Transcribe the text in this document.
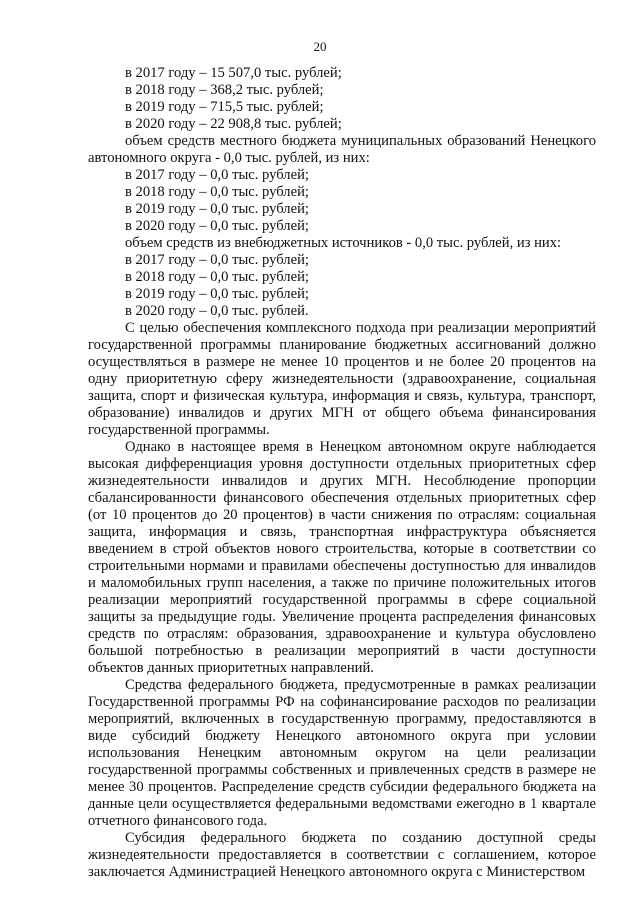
20

в 2017 году – 15 507,0 тыс. рублей;

в 2018 году – 368,2 тыс. рублей;

в 2019 году – 715,5 тыс. рублей;

в 2020 году – 22 908,8 тыс. рублей;

объем средств местного бюджета муниципальных образований Ненецкого автономного округа - 0,0 тыс. рублей, из них:

в 2017 году – 0,0 тыс. рублей;

в 2018 году – 0,0 тыс. рублей;

в 2019 году – 0,0 тыс. рублей;

в 2020 году – 0,0 тыс. рублей;

объем средств из внебюджетных источников - 0,0 тыс. рублей, из них:

в 2017 году – 0,0 тыс. рублей;

в 2018 году – 0,0 тыс. рублей;

в 2019 году – 0,0 тыс. рублей;

в 2020 году – 0,0 тыс. рублей.

С целью обеспечения комплексного подхода при реализации мероприятий государственной программы планирование бюджетных ассигнований должно осуществляться в размере не менее 10 процентов и не более 20 процентов на одну приоритетную сферу жизнедеятельности (здравоохранение, социальная защита, спорт и физическая культура, информация и связь, культура, транспорт, образование) инвалидов и других МГН от общего объема финансирования государственной программы.

Однако в настоящее время в Ненецком автономном округе наблюдается высокая дифференциация уровня доступности отдельных приоритетных сфер жизнедеятельности инвалидов и других МГН. Несоблюдение пропорции сбалансированности финансового обеспечения отдельных приоритетных сфер (от 10 процентов до 20 процентов) в части снижения по отраслям: социальная защита, информация и связь, транспортная инфраструктура объясняется введением в строй объектов нового строительства, которые в соответствии со строительными нормами и правилами обеспечены доступностью для инвалидов и маломобильных групп населения, а также по причине положительных итогов реализации мероприятий государственной программы в сфере социальной защиты за предыдущие годы. Увеличение процента распределения финансовых средств по отраслям: образования, здравоохранение и культура обусловлено большой потребностью в реализации мероприятий в части доступности объектов данных приоритетных направлений.

Средства федерального бюджета, предусмотренные в рамках реализации Государственной программы РФ на софинансирование расходов по реализации мероприятий, включенных в государственную программу, предоставляются в виде субсидий бюджету Ненецкого автономного округа при условии использования Ненецким автономным округом на цели реализации государственной программы собственных и привлеченных средств в размере не менее 30 процентов. Распределение средств субсидии федерального бюджета на данные цели осуществляется федеральными ведомствами ежегодно в 1 квартале отчетного финансового года.

Субсидия федерального бюджета по созданию доступной среды жизнедеятельности предоставляется в соответствии с соглашением, которое заключается Администрацией Ненецкого автономного округа с Министерством
